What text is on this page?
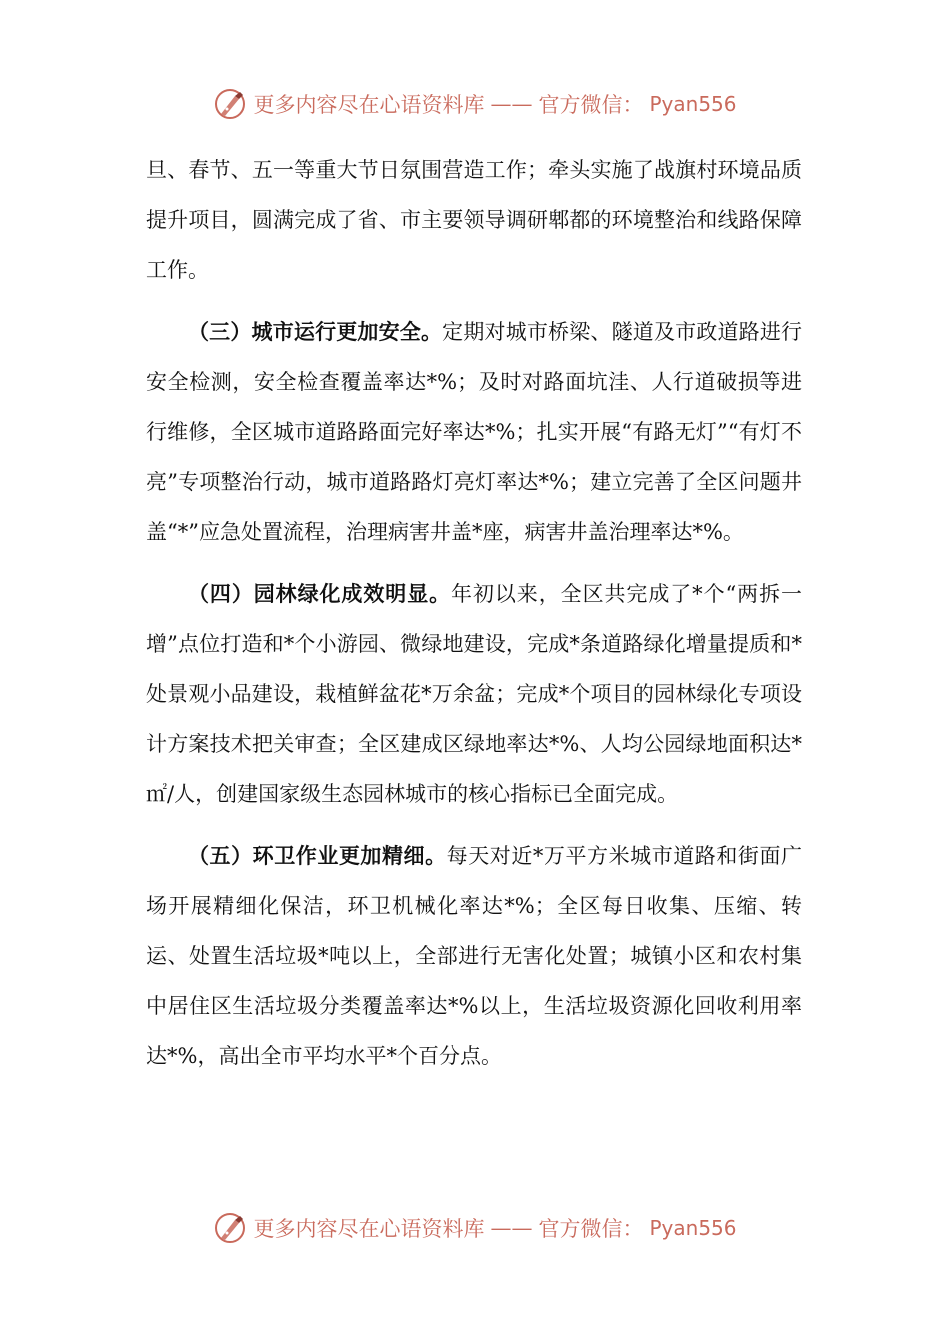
更多内容尽在心语资料库 —— 官方微信： Pyan556

旦、春节、五一等重大节日氛围营造工作；牵头实施了战旗村环境品质提升项目，圆满完成了省、市主要领导调研郫都的环境整治和线路保障工作。

（三）城市运行更加安全。定期对城市桥梁、隧道及市政道路进行安全检测，安全检查覆盖率达*%；及时对路面坑洼、人行道破损等进行维修，全区城市道路路面完好率达*%；扎实开展“有路无灯”“有灯不亮”专项整治行动，城市道路路灯亮灯率达*%；建立完善了全区问题井盖“*”应急处置流程，治理病害井盖*座，病害井盖治理率达*%。

（四）园林绿化成效明显。年初以来，全区共完成了*个“两拆一增”点位打造和*个小游园、微绿地建设，完成*条道路绿化增量提质和*处景观小品建设，栽植鲜盆花*万余盆；完成*个项目的园林绿化专项设计方案技术把关审查；全区建成区绿地率达*%、人均公园绿地面积达*㎡/人，创建国家级生态园林城市的核心指标已全面完成。

（五）环卫作业更加精细。每天对近*万平方米城市道路和街面广场开展精细化保洁，环卫机械化率达*%；全区每日收集、压缩、转运、处置生活垃圾*吨以上，全部进行无害化处置；城镇小区和农村集中居住区生活垃圾分类覆盖率达*%以上，生活垃圾资源化回收利用率达*%，高出全市平均水平*个百分点。

更多内容尽在心语资料库 —— 官方微信： Pyan556
